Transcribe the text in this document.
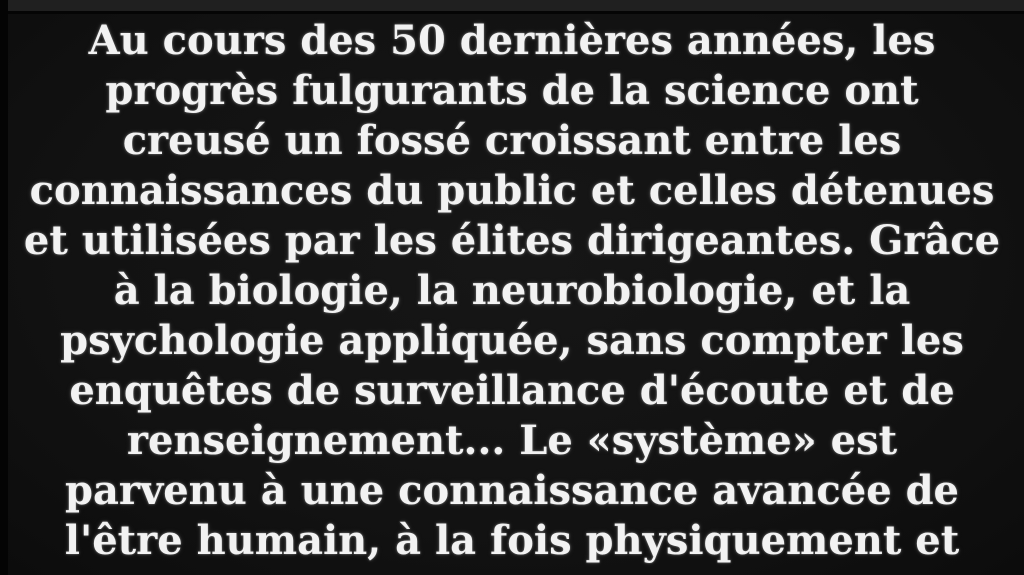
Au cours des 50 dernières années, les
progrès fulgurants de la science ont
creusé un fossé croissant entre les
connaissances du public et celles détenues
et utilisées par les élites dirigeantes. Grâce
à la biologie, la neurobiologie, et la
psychologie appliquée, sans compter les
enquêtes de surveillance d'écoute et de
renseignement... Le «système» est
parvenu à une connaissance avancée de
l'être humain, à la fois physiquement et
